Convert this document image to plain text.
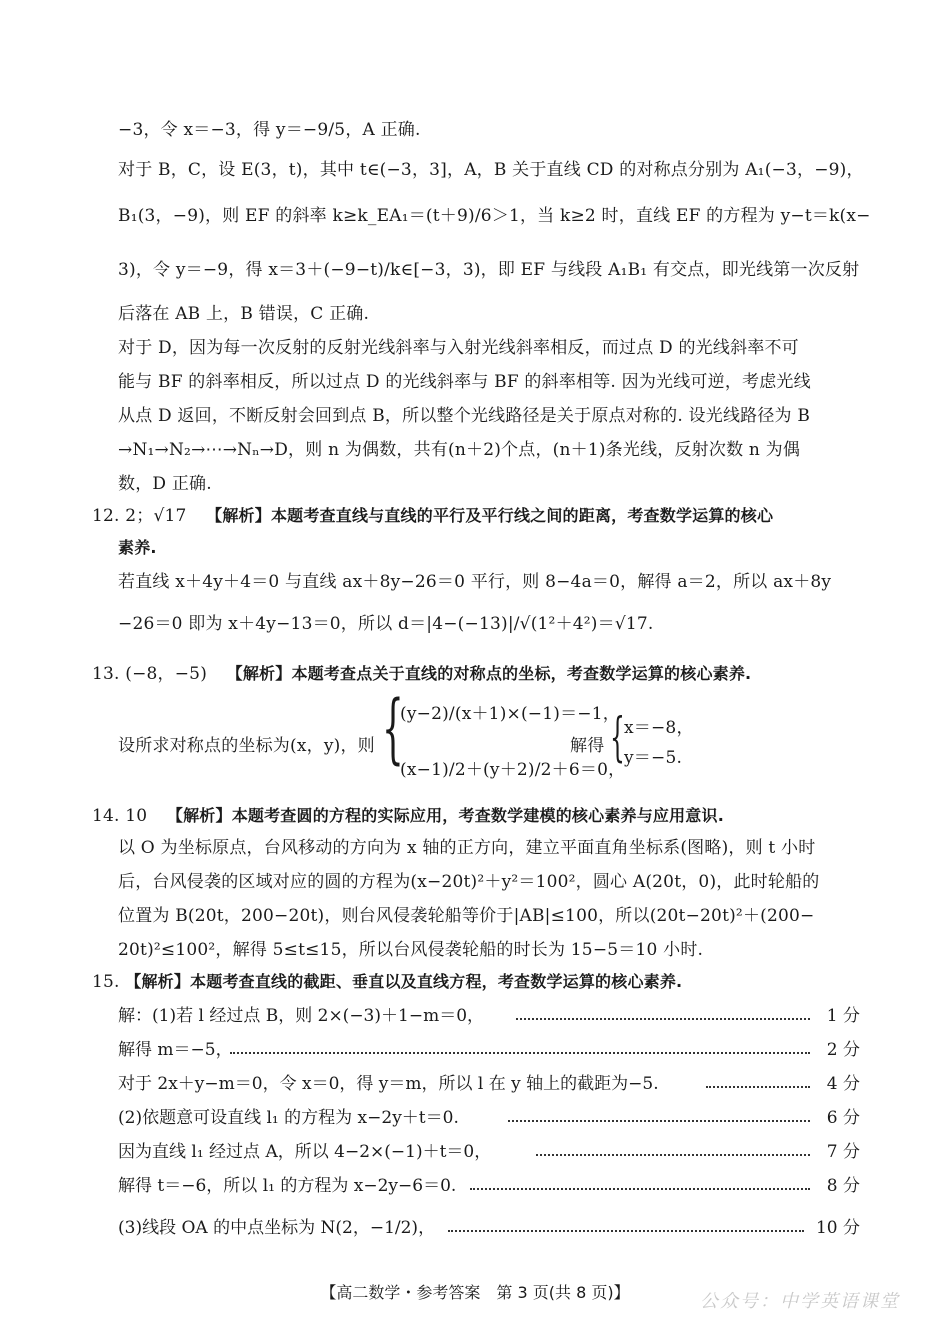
−3，令 x＝−3，得 y＝−9/5，A 正确.
对于 B，C，设 E(3，t)，其中 t∈(−3，3]，A，B 关于直线 CD 的对称点分别为 A₁(−3，−9)，
B₁(3，−9)，则 EF 的斜率 k≥k_EA₁＝(t＋9)/6＞1，当 k≥2 时，直线 EF 的方程为 y−t＝k(x−
3)，令 y＝−9，得 x＝3＋(−9−t)/k∈[−3，3)，即 EF 与线段 A₁B₁ 有交点，即光线第一次反射
后落在 AB 上，B 错误，C 正确.
对于 D，因为每一次反射的反射光线斜率与入射光线斜率相反，而过点 D 的光线斜率不可
能与 BF 的斜率相反，所以过点 D 的光线斜率与 BF 的斜率相等. 因为光线可逆，考虑光线
从点 D 返回，不断反射会回到点 B，所以整个光线路径是关于原点对称的. 设光线路径为 B
→N₁→N₂→⋯→Nₙ→D，则 n 为偶数，共有(n＋2)个点，(n＋1)条光线，反射次数 n 为偶
数，D 正确.
12. 2；√17 【解析】本题考查直线与直线的平行及平行线之间的距离，考查数学运算的核心
素养.
若直线 x＋4y＋4＝0 与直线 ax＋8y−26＝0 平行，则 8−4a＝0，解得 a＝2，所以 ax＋8y
−26＝0 即为 x＋4y−13＝0，所以 d＝|4−(−13)|/√(1²＋4²)＝√17.
13. (−8，−5) 【解析】本题考查点关于直线的对称点的坐标，考查数学运算的核心素养.
设所求对称点的坐标为(x，y)，则 {
(y−2)/(x＋1)×(−1)＝−1，
(x−1)/2＋(y＋2)/2＋6＝0，
解得 { x＝−8，
y＝−5.
14. 10 【解析】本题考查圆的方程的实际应用，考查数学建模的核心素养与应用意识.
以 O 为坐标原点，台风移动的方向为 x 轴的正方向，建立平面直角坐标系(图略)，则 t 小时
后，台风侵袭的区域对应的圆的方程为(x−20t)²＋y²＝100²，圆心 A(20t，0)，此时轮船的
位置为 B(20t，200−20t)，则台风侵袭轮船等价于|AB|≤100，所以(20t−20t)²＋(200−
20t)²≤100²，解得 5≤t≤15，所以台风侵袭轮船的时长为 15−5＝10 小时.
15. 【解析】本题考查直线的截距、垂直以及直线方程，考查数学运算的核心素养.
解：(1)若 l 经过点 B，则 2×(−3)＋1−m＝0，	1 分
解得 m＝−5，	2 分
对于 2x＋y−m＝0，令 x＝0，得 y＝m，所以 l 在 y 轴上的截距为−5.	4 分
(2)依题意可设直线 l₁ 的方程为 x−2y＋t＝0.	6 分
因为直线 l₁ 经过点 A，所以 4−2×(−1)＋t＝0，	7 分
解得 t＝−6，所以 l₁ 的方程为 x−2y−6＝0.	8 分
(3)线段 OA 的中点坐标为 N(2，−1/2)，	10 分
【高二数学・参考答案　第 3 页(共 8 页)】	公众号：中学英语课堂
